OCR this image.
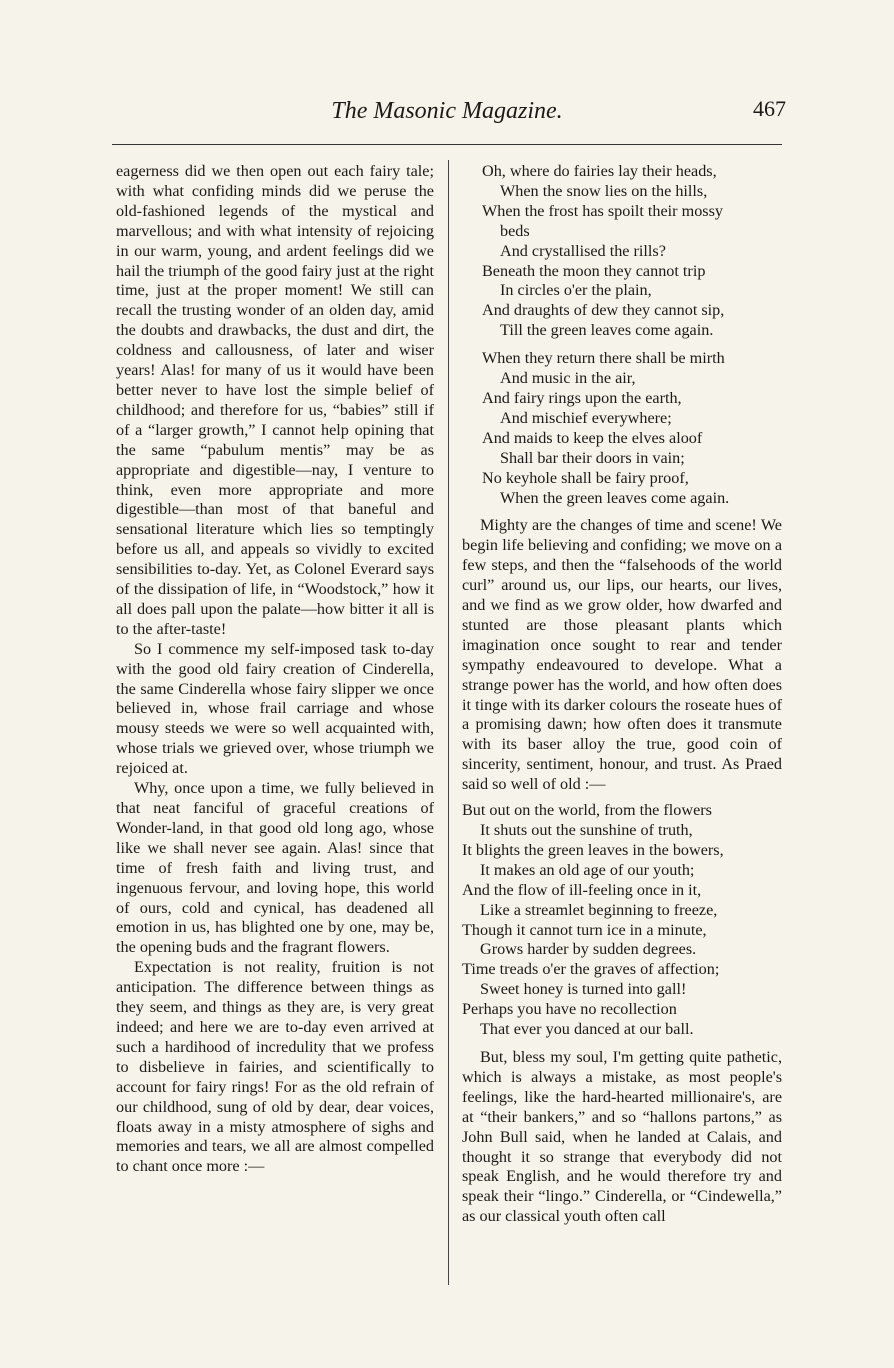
The Masonic Magazine.	467

eagerness did we then open out each fairy tale; with what confiding minds did we peruse the old-fashioned legends of the mystical and marvellous; and with what intensity of rejoicing in our warm, young, and ardent feelings did we hail the triumph of the good fairy just at the right time, just at the proper moment! We still can recall the trusting wonder of an olden day, amid the doubts and drawbacks, the dust and dirt, the coldness and callousness, of later and wiser years! Alas! for many of us it would have been better never to have lost the simple belief of childhood; and therefore for us, “babies” still if of a “larger growth,” I cannot help opining that the same “pabulum mentis” may be as appropriate and digestible—nay, I venture to think, even more appropriate and more digestible—than most of that baneful and sensational literature which lies so temptingly before us all, and appeals so vividly to excited sensibilities to-day. Yet, as Colonel Everard says of the dissipation of life, in “Woodstock,” how it all does pall upon the palate—how bitter it all is to the after-taste!

So I commence my self-imposed task to-day with the good old fairy creation of Cinderella, the same Cinderella whose fairy slipper we once believed in, whose frail carriage and whose mousy steeds we were so well acquainted with, whose trials we grieved over, whose triumph we rejoiced at.

Why, once upon a time, we fully believed in that neat fanciful of graceful creations of Wonder-land, in that good old long ago, whose like we shall never see again. Alas! since that time of fresh faith and living trust, and ingenuous fervour, and loving hope, this world of ours, cold and cynical, has deadened all emotion in us, has blighted one by one, may be, the opening buds and the fragrant flowers.

Expectation is not reality, fruition is not anticipation. The difference between things as they seem, and things as they are, is very great indeed; and here we are to-day even arrived at such a hardihood of incredulity that we profess to disbelieve in fairies, and scientifically to account for fairy rings! For as the old refrain of our childhood, sung of old by dear, dear voices, floats away in a misty atmosphere of sighs and memories and tears, we all are almost compelled to chant once more :—

Oh, where do fairies lay their heads,
When the snow lies on the hills,
When the frost has spoilt their mossy
beds
And crystallised the rills?
Beneath the moon they cannot trip
In circles o'er the plain,
And draughts of dew they cannot sip,
Till the green leaves come again.
When they return there shall be mirth
And music in the air,
And fairy rings upon the earth,
And mischief everywhere;
And maids to keep the elves aloof
Shall bar their doors in vain;
No keyhole shall be fairy proof,
When the green leaves come again.

Mighty are the changes of time and scene! We begin life believing and confiding; we move on a few steps, and then the “falsehoods of the world curl” around us, our lips, our hearts, our lives, and we find as we grow older, how dwarfed and stunted are those pleasant plants which imagination once sought to rear and tender sympathy endeavoured to develope. What a strange power has the world, and how often does it tinge with its darker colours the roseate hues of a promising dawn; how often does it transmute with its baser alloy the true, good coin of sincerity, sentiment, honour, and trust. As Praed said so well of old :—

But out on the world, from the flowers
It shuts out the sunshine of truth,
It blights the green leaves in the bowers,
It makes an old age of our youth;
And the flow of ill-feeling once in it,
Like a streamlet beginning to freeze,
Though it cannot turn ice in a minute,
Grows harder by sudden degrees.
Time treads o'er the graves of affection;
Sweet honey is turned into gall!
Perhaps you have no recollection
That ever you danced at our ball.

But, bless my soul, I'm getting quite pathetic, which is always a mistake, as most people's feelings, like the hard-hearted millionaire's, are at “their bankers,” and so “hallons partons,” as John Bull said, when he landed at Calais, and thought it so strange that everybody did not speak English, and he would therefore try and speak their “lingo.” Cinderella, or “Cindewella,” as our classical youth often call
